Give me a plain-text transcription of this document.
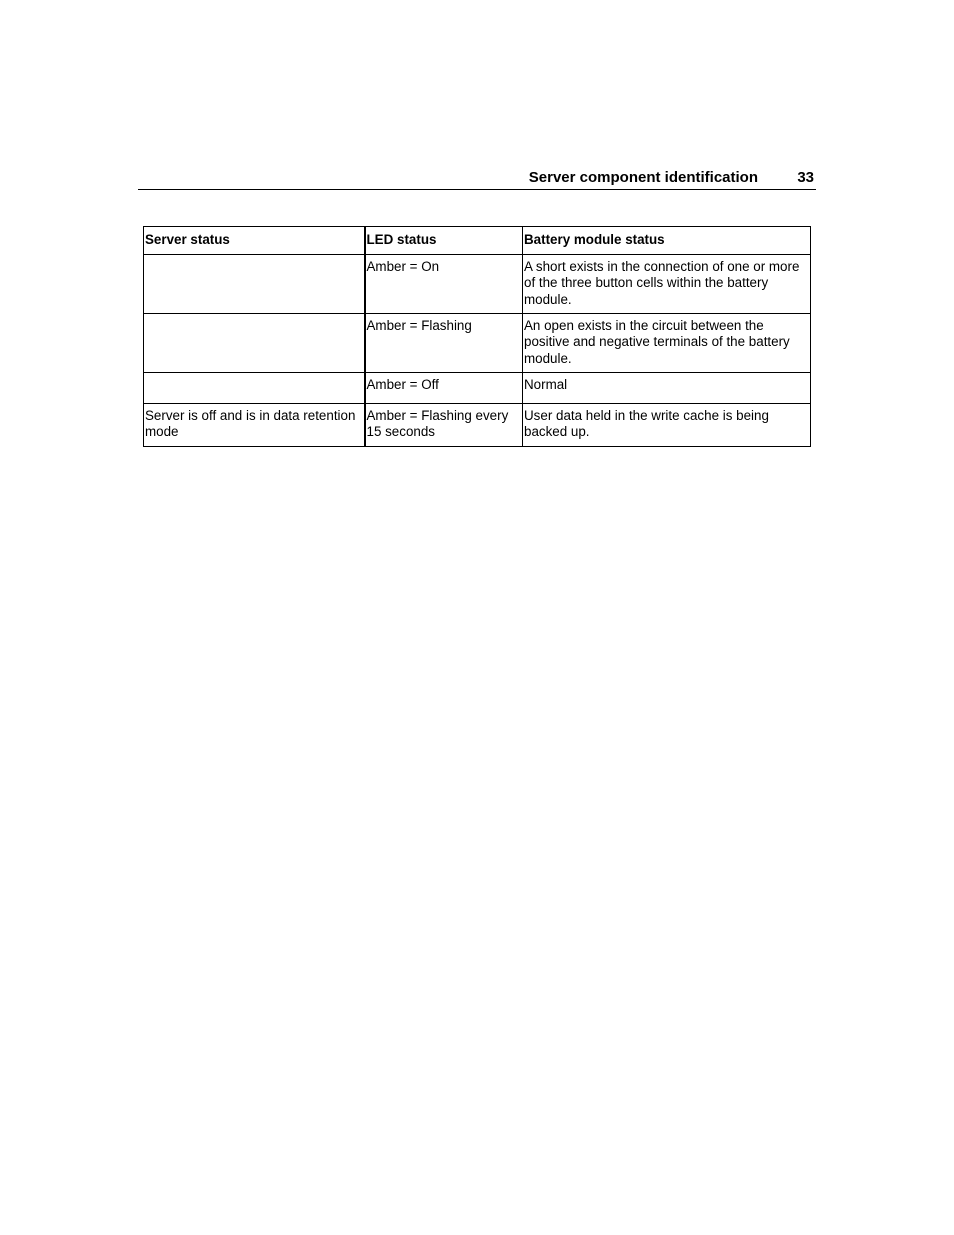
Server component identification	33
Server status	LED status	Battery module status
	Amber = On	A short exists in the connection of one or more of the three button cells within the battery module.
	Amber = Flashing	An open exists in the circuit between the positive and negative terminals of the battery module.
	Amber = Off	Normal
Server is off and is in data retention mode	Amber = Flashing every 15 seconds	User data held in the write cache is being backed up.
